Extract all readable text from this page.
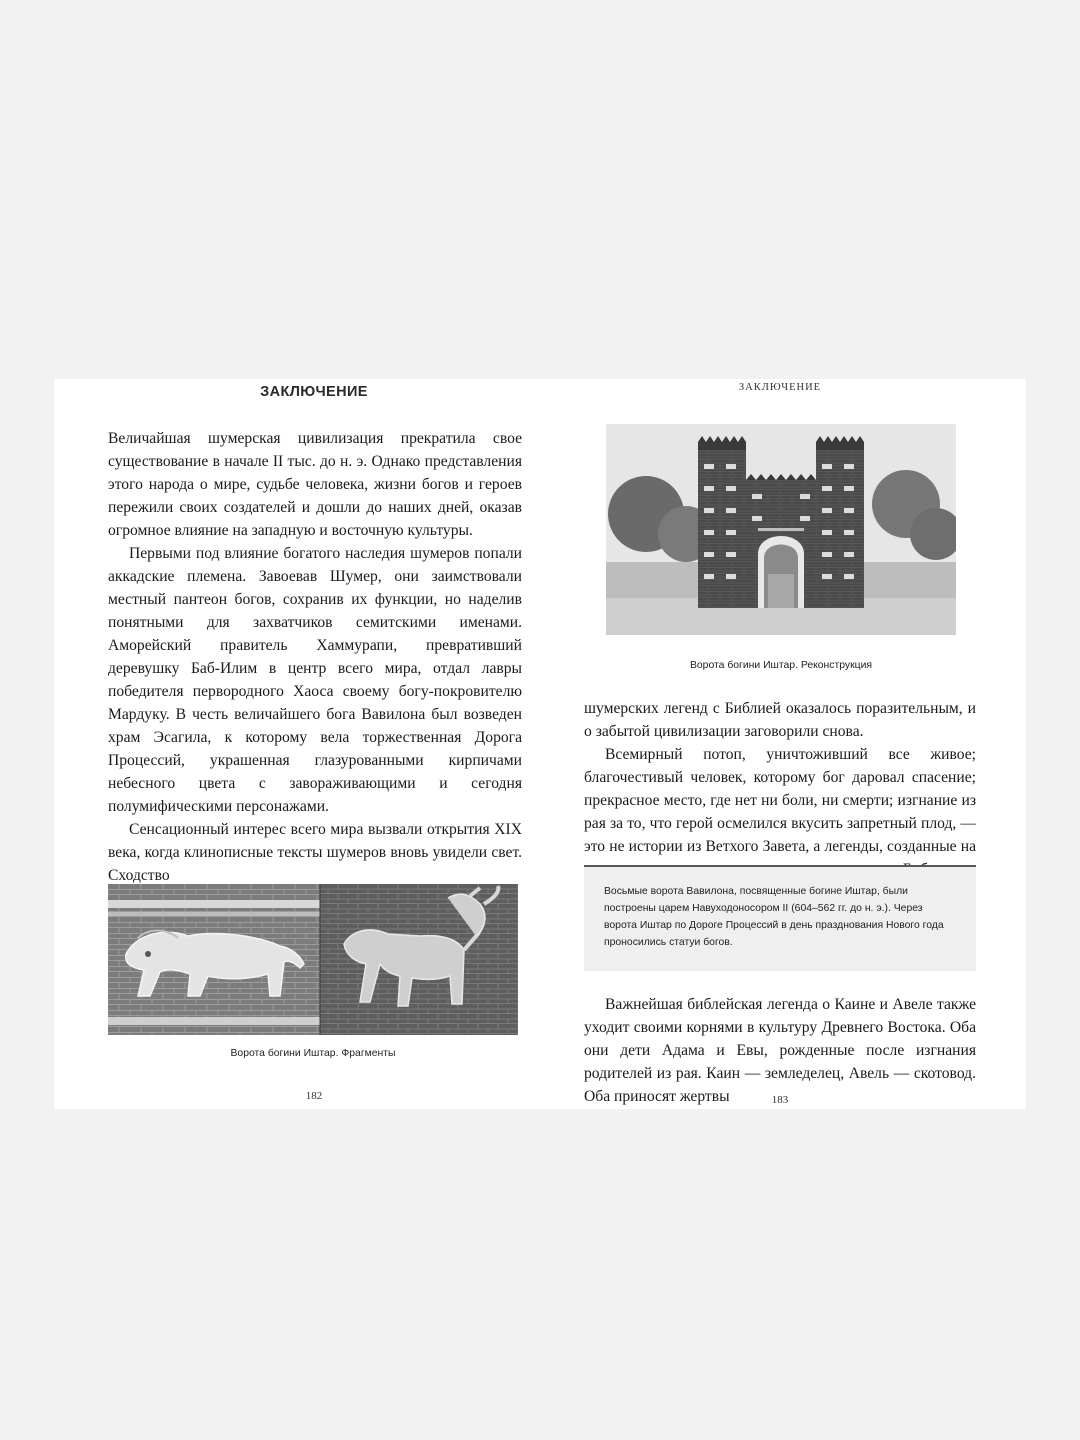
ЗАКЛЮЧЕНИЕ

Величайшая шумерская цивилизация прекратила свое существование в начале II тыс. до н. э. Однако представления этого народа о мире, судьбе человека, жизни богов и героев пережили своих создателей и дошли до наших дней, оказав огромное влияние на западную и восточную культуры.

Первыми под влияние богатого наследия шумеров попали аккадские племена. Завоевав Шумер, они заимствовали местный пантеон богов, сохранив их функции, но наделив понятными для захватчиков семитскими именами. Аморейский правитель Хаммурапи, превративший деревушку Баб-Илим в центр всего мира, отдал лавры победителя первородного Хаоса своему богу-покровителю Мардуку. В честь величайшего бога Вавилона был возведен храм Эсагила, к которому вела торжественная Дорога Процессий, украшенная глазурованными кирпичами небесного цвета с завораживающими и сегодня полумифическими персонажами.

Сенсационный интерес всего мира вызвали открытия XIX века, когда клинописные тексты шумеров вновь увидели свет. Сходство

Ворота богини Иштар. Фрагменты
182
ЗАКЛЮЧЕНИЕ
Ворота богини Иштар. Реконструкция

шумерских легенд с Библией оказалось поразительным, и о забытой цивилизации заговорили снова.

Всемирный потоп, уничтоживший все живое; благочестивый человек, которому бог даровал спасение; прекрасное место, где нет ни боли, ни смерти; изгнание из рая за то, что герой осмелился вкусить запретный плод, — это не истории из Ветхого Завета, а легенды, созданные на

Восьмые ворота Вавилона, посвященные богине Иштар, были построены царем Навуходоносором II (604–562 гг. до н. э.). Через ворота Иштар по Дороге Процессий в день празднования Нового года проносились статуи богов.

Важнейшая библейская легенда о Каине и Авеле также уходит своими корнями в культуру Древнего Востока. Оба они дети Адама и Евы, рожденные после изгнания родителей из рая. Каин — земледелец, Авель — скотовод. Оба приносят жертвы	183
